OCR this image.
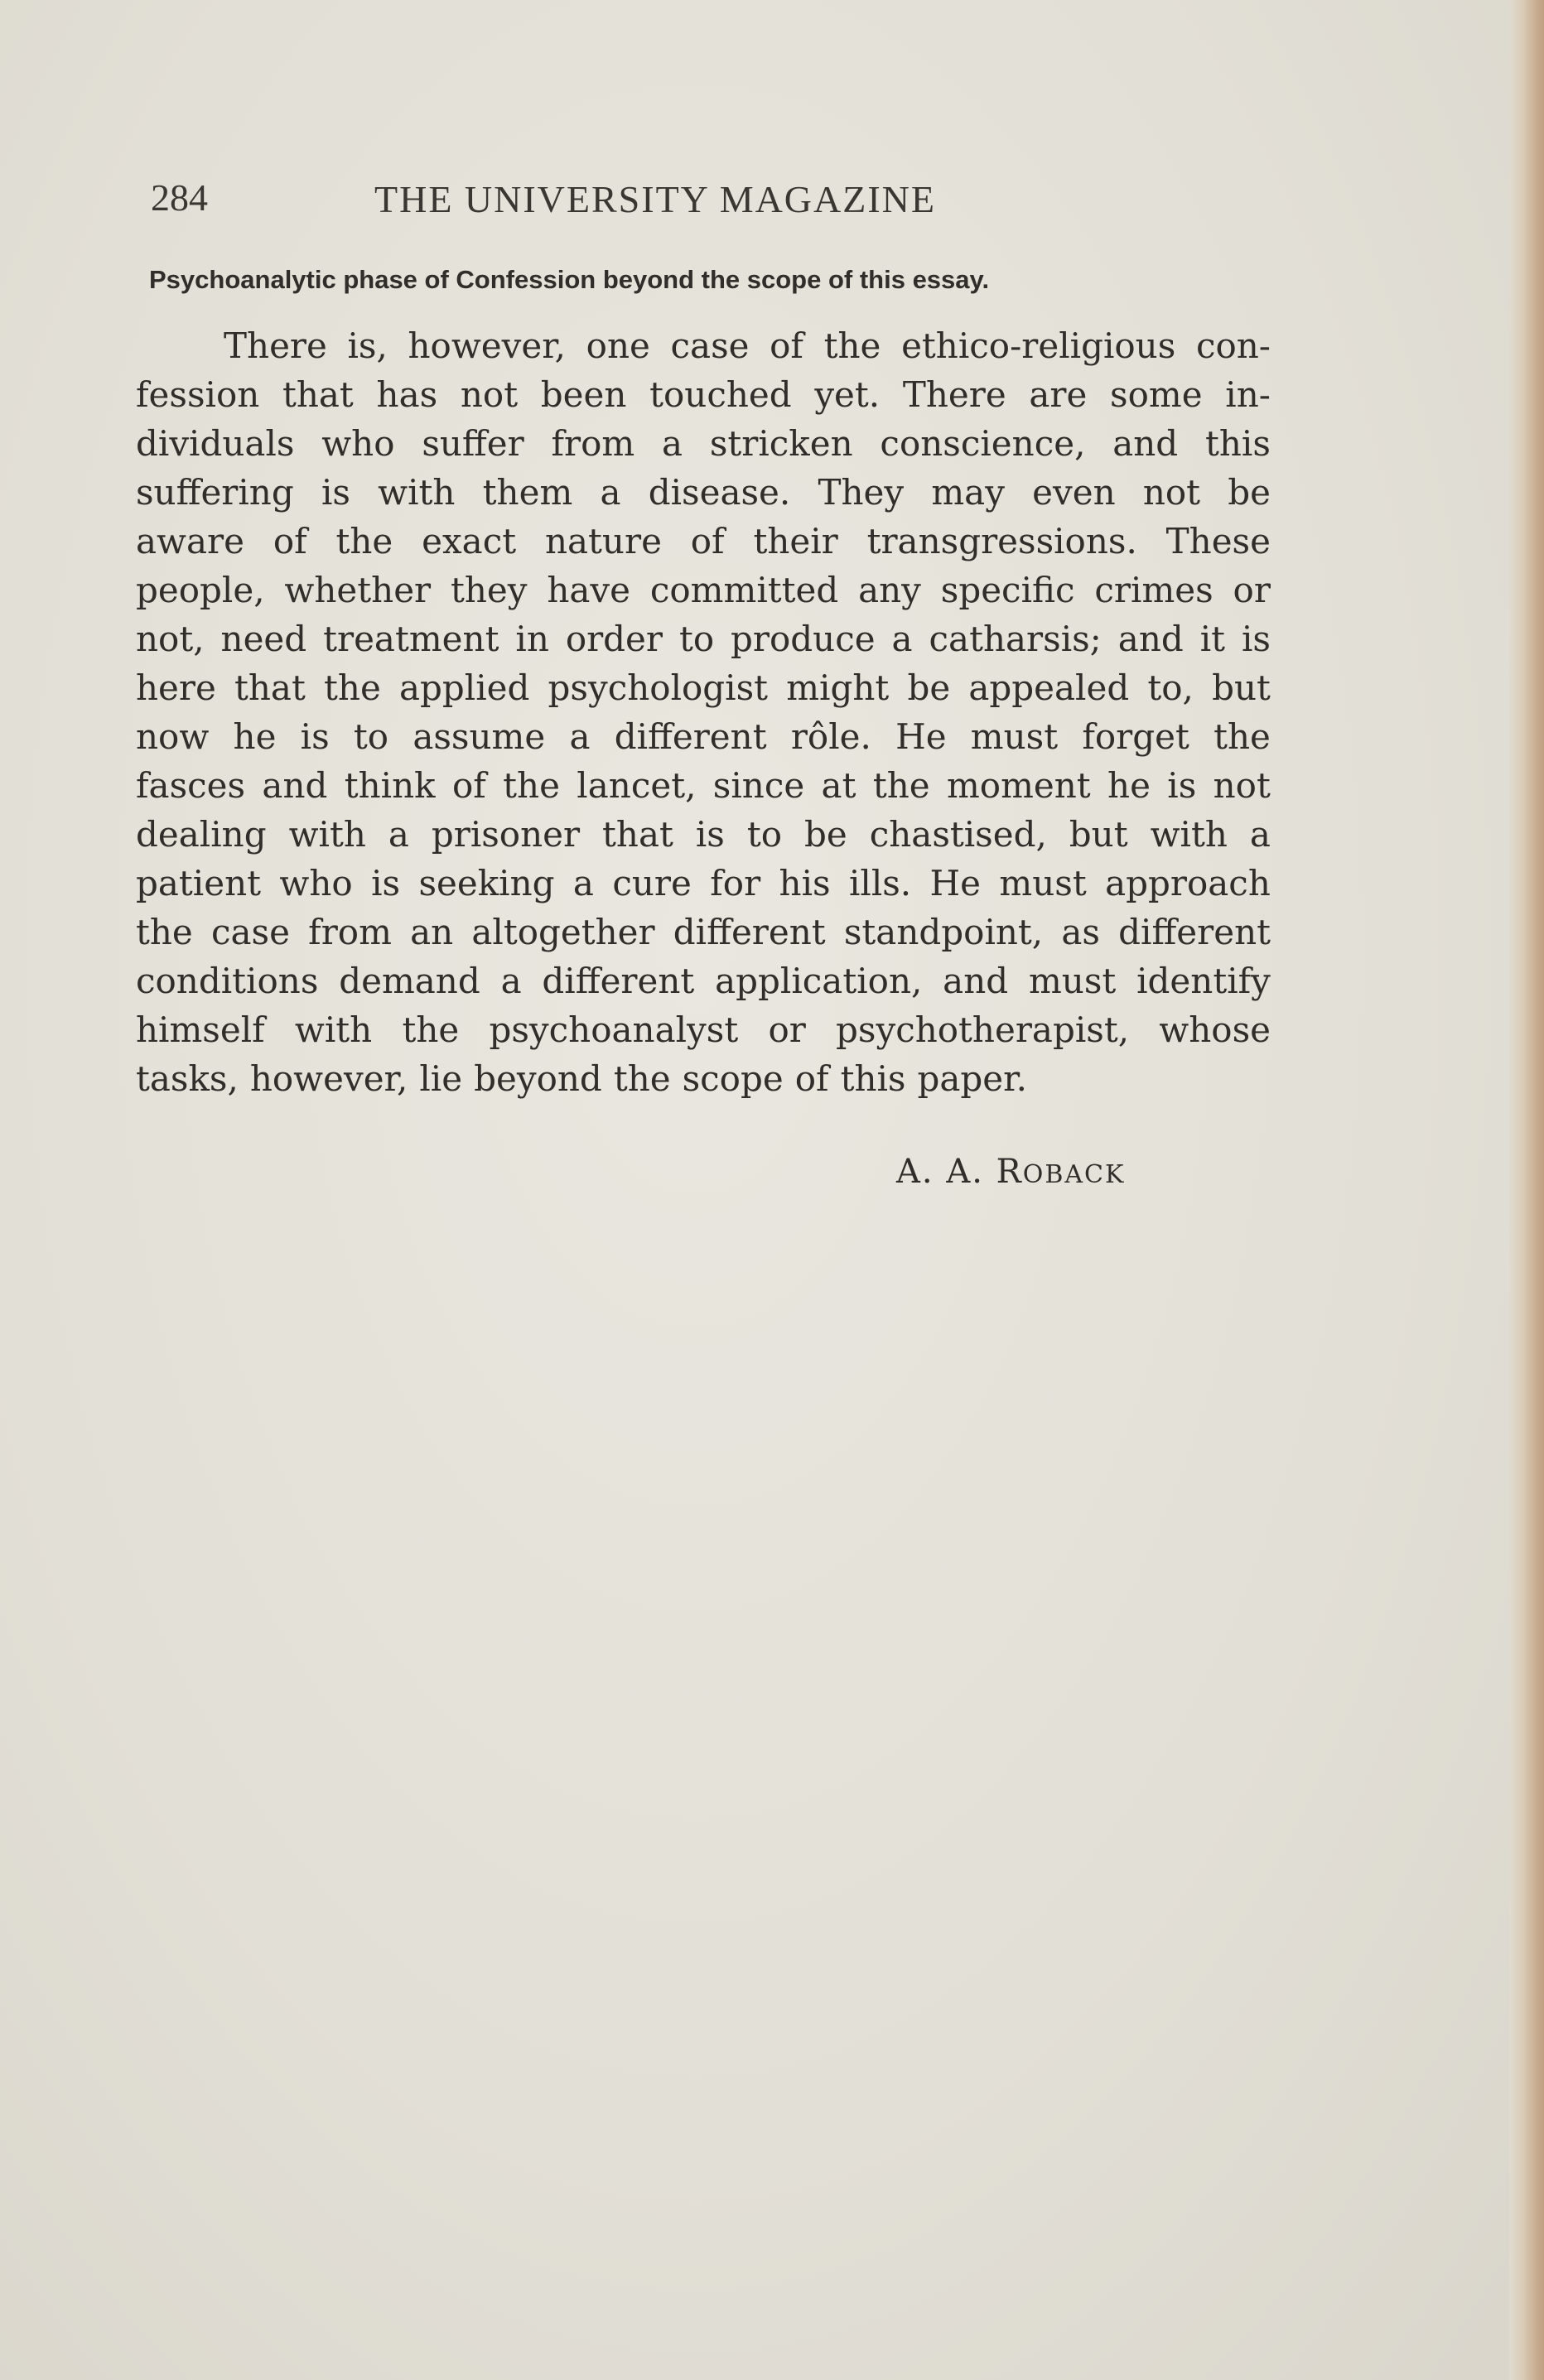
284	THE UNIVERSITY MAGAZINE
Psychoanalytic phase of Confession beyond the scope of this essay.
There is, however, one case of the ethico-religious con-
fession that has not been touched yet. There are some in-
dividuals who suffer from a stricken conscience, and this
suffering is with them a disease. They may even not be
aware of the exact nature of their transgressions. These
people, whether they have committed any specific crimes or
not, need treatment in order to produce a catharsis; and it is
here that the applied psychologist might be appealed to, but
now he is to assume a different rôle. He must forget the
fasces and think of the lancet, since at the moment he is not
dealing with a prisoner that is to be chastised, but with a
patient who is seeking a cure for his ills. He must approach
the case from an altogether different standpoint, as different
conditions demand a different application, and must identify
himself with the psychoanalyst or psychotherapist, whose
tasks, however, lie beyond the scope of this paper.
A. A. ROBACK
